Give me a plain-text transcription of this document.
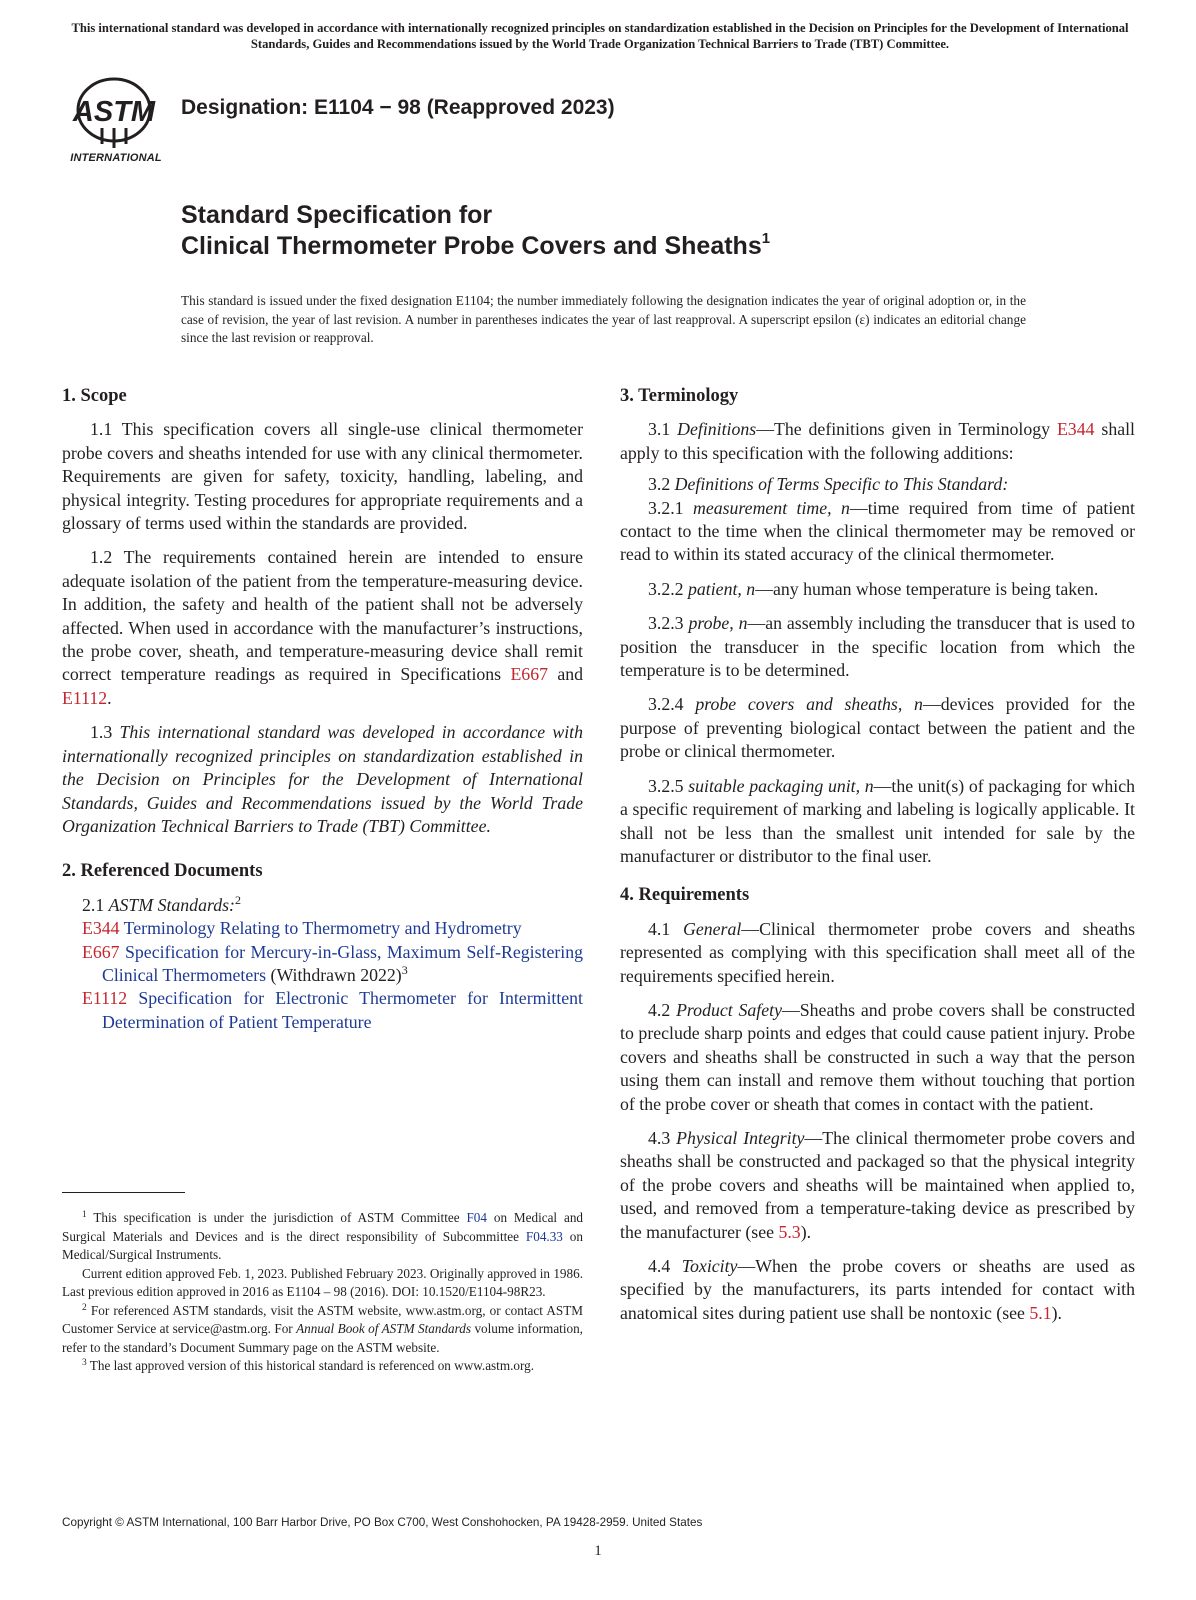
This international standard was developed in accordance with internationally recognized principles on standardization established in the Decision on Principles for the Development of International Standards, Guides and Recommendations issued by the World Trade Organization Technical Barriers to Trade (TBT) Committee.
ASTM
INTERNATIONAL
Designation: E1104 − 98 (Reapproved 2023)
Standard Specification for
Clinical Thermometer Probe Covers and Sheaths$^1$
This standard is issued under the fixed designation E1104; the number immediately following the designation indicates the year of original adoption or, in the case of revision, the year of last revision. A number in parentheses indicates the year of last reapproval. A superscript epsilon (ε) indicates an editorial change since the last revision or reapproval.

1. Scope

1.1 This specification covers all single-use clinical thermometer probe covers and sheaths intended for use with any clinical thermometer. Requirements are given for safety, toxicity, handling, labeling, and physical integrity. Testing procedures for appropriate requirements and a glossary of terms used within the standards are provided.

1.2 The requirements contained herein are intended to ensure adequate isolation of the patient from the temperature-measuring device. In addition, the safety and health of the patient shall not be adversely affected. When used in accordance with the manufacturer’s instructions, the probe cover, sheath, and temperature-measuring device shall remit correct temperature readings as required in Specifications E667 and E1112.

1.3 This international standard was developed in accordance with internationally recognized principles on standardization established in the Decision on Principles for the Development of International Standards, Guides and Recommendations issued by the World Trade Organization Technical Barriers to Trade (TBT) Committee.

2. Referenced Documents

2.1 ASTM Standards:$^2$

E344 Terminology Relating to Thermometry and Hydrometry

E667 Specification for Mercury-in-Glass, Maximum Self-Registering Clinical Thermometers (Withdrawn 2022)$^3$

E1112 Specification for Electronic Thermometer for Intermittent Determination of Patient Temperature

$^1$ This specification is under the jurisdiction of ASTM Committee F04 on Medical and Surgical Materials and Devices and is the direct responsibility of Subcommittee F04.33 on Medical/Surgical Instruments.

Current edition approved Feb. 1, 2023. Published February 2023. Originally approved in 1986. Last previous edition approved in 2016 as E1104 – 98 (2016). DOI: 10.1520/E1104-98R23.

$^2$ For referenced ASTM standards, visit the ASTM website, www.astm.org, or contact ASTM Customer Service at service@astm.org. For Annual Book of ASTM Standards volume information, refer to the standard’s Document Summary page on the ASTM website.

$^3$ The last approved version of this historical standard is referenced on www.astm.org.

3. Terminology

3.1 Definitions—The definitions given in Terminology E344 shall apply to this specification with the following additions:

3.2 Definitions of Terms Specific to This Standard:

3.2.1 measurement time, n—time required from time of patient contact to the time when the clinical thermometer may be removed or read to within its stated accuracy of the clinical thermometer.

3.2.2 patient, n—any human whose temperature is being taken.

3.2.3 probe, n—an assembly including the transducer that is used to position the transducer in the specific location from which the temperature is to be determined.

3.2.4 probe covers and sheaths, n—devices provided for the purpose of preventing biological contact between the patient and the probe or clinical thermometer.

3.2.5 suitable packaging unit, n—the unit(s) of packaging for which a specific requirement of marking and labeling is logically applicable. It shall not be less than the smallest unit intended for sale by the manufacturer or distributor to the final user.

4. Requirements

4.1 General—Clinical thermometer probe covers and sheaths represented as complying with this specification shall meet all of the requirements specified herein.

4.2 Product Safety—Sheaths and probe covers shall be constructed to preclude sharp points and edges that could cause patient injury. Probe covers and sheaths shall be constructed in such a way that the person using them can install and remove them without touching that portion of the probe cover or sheath that comes in contact with the patient.

4.3 Physical Integrity—The clinical thermometer probe covers and sheaths shall be constructed and packaged so that the physical integrity of the probe covers and sheaths will be maintained when applied to, used, and removed from a temperature-taking device as prescribed by the manufacturer (see 5.3).

4.4 Toxicity—When the probe covers or sheaths are used as specified by the manufacturers, its parts intended for contact with anatomical sites during patient use shall be nontoxic (see 5.1).

Copyright © ASTM International, 100 Barr Harbor Drive, PO Box C700, West Conshohocken, PA 19428-2959. United States
1
